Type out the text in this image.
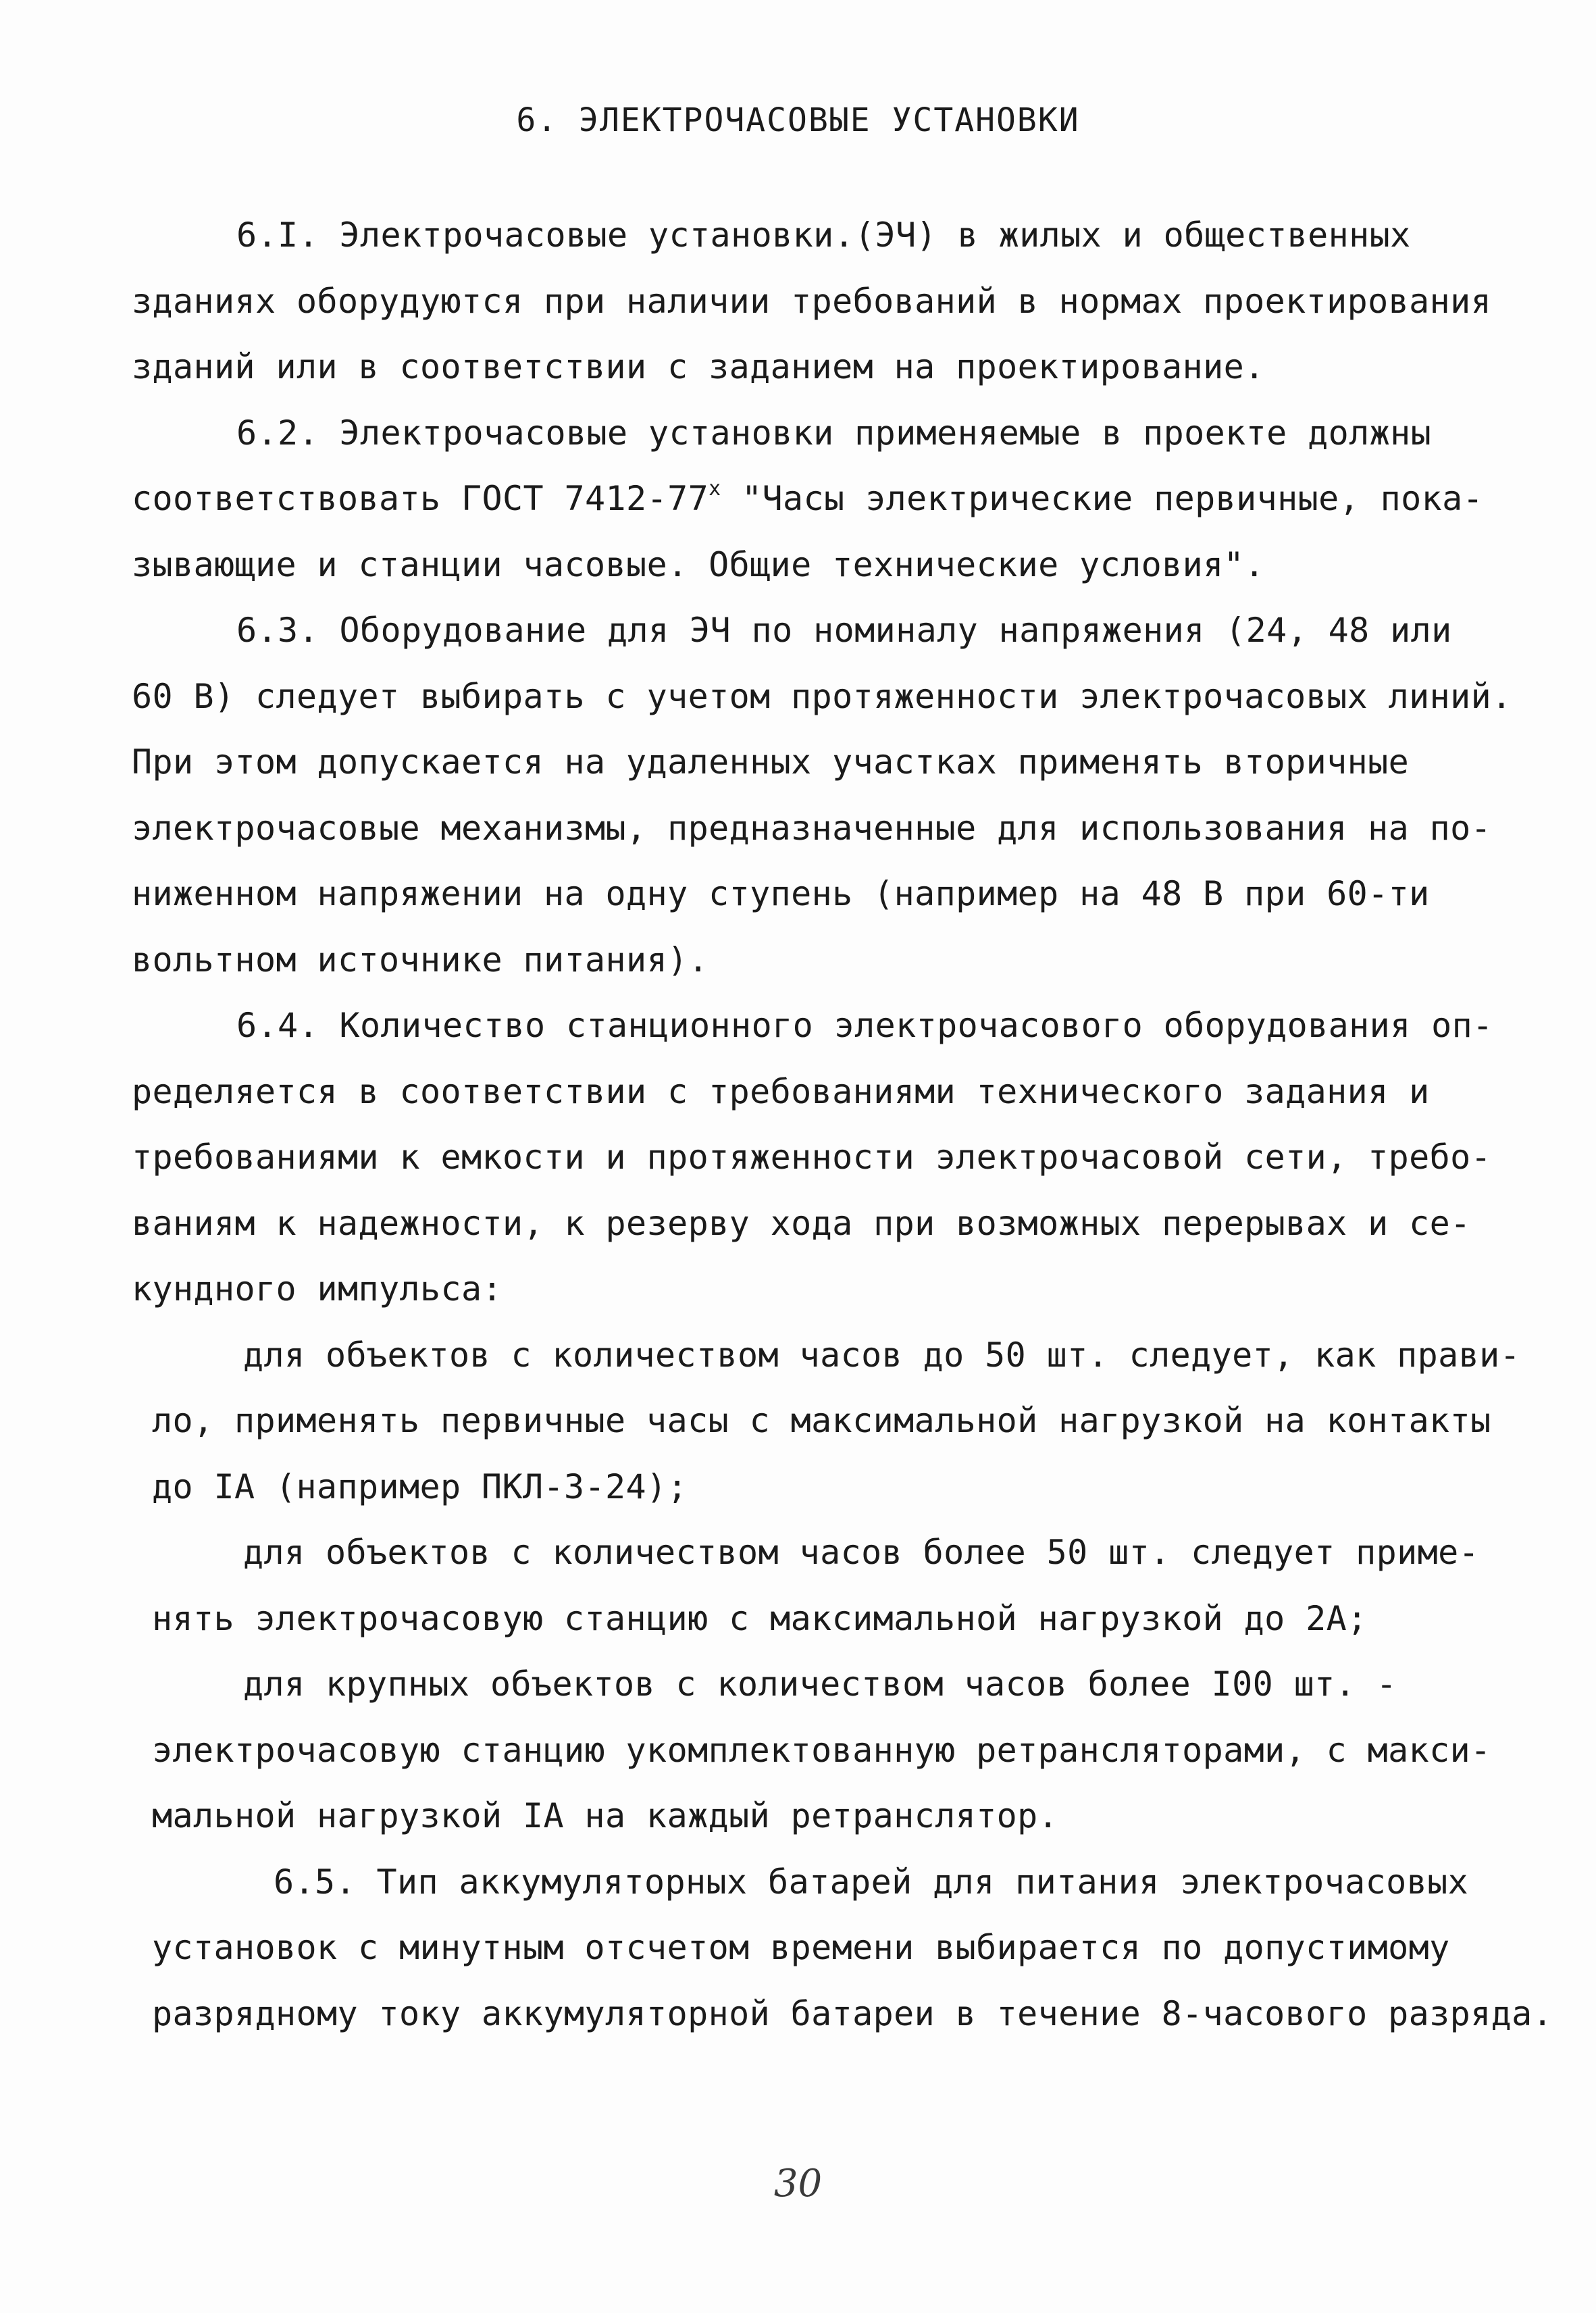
6. ЭЛЕКТРОЧАСОВЫЕ УСТАНОВКИ
6.I. Электрочасовые установки.(ЭЧ) в жилых и общественных
зданиях оборудуются при наличии требований в нормах проектирования
зданий или в соответствии с заданием на проектирование.
6.2. Электрочасовые установки применяемые в проекте должны
соответствовать ГОСТ $7412-77^х$ "Часы электрические первичные, пока-
зывающие и станции часовые. Общие технические условия".
6.3. Оборудование для ЭЧ по номиналу напряжения (24, 48 или
60 В) следует выбирать с учетом протяженности электрочасовых линий.
При этом допускается на удаленных участках применять вторичные
электрочасовые механизмы, предназначенные для использования на по-
ниженном напряжении на одну ступень (например на 48 В при 60-ти
вольтном источнике питания).
6.4. Количество станционного электрочасового оборудования оп-
ределяется в соответствии с требованиями технического задания и
требованиями к емкости и протяженности электрочасовой сети, требо-
ваниям к надежности, к резерву хода при возможных перерывах и се-
кундного импульса:
для объектов с количеством часов до 50 шт. следует, как прави-
ло, применять первичные часы с максимальной нагрузкой на контакты
до IА (например ПКЛ-3-24);
для объектов с количеством часов более 50 шт. следует приме-
нять электрочасовую станцию с максимальной нагрузкой до 2А;
для крупных объектов с количеством часов более I00 шт. -
электрочасовую станцию укомплектованную ретрансляторами, с макси-
мальной нагрузкой IА на каждый ретранслятор.
6.5. Тип аккумуляторных батарей для питания электрочасовых
установок с минутным отсчетом времени выбирается по допустимому
разрядному току аккумуляторной батареи в течение 8-часового разряда.
30
